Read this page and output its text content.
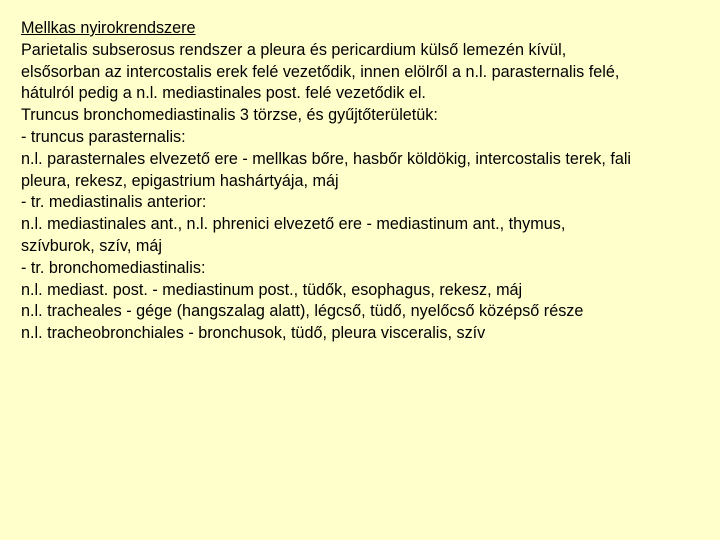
Mellkas nyirokrendszere
Parietalis subserosus rendszer a pleura és pericardium külső lemezén kívül,
elsősorban az intercostalis erek felé vezetődik, innen elölről a n.l. parasternalis felé,
hátulról pedig a n.l. mediastinales post. felé vezetődik el.
Truncus bronchomediastinalis 3 törzse, és gyűjtőterületük:
- truncus parasternalis:
n.l. parasternales elvezető ere - mellkas bőre, hasbőr köldökig, intercostalis terek, fali
pleura, rekesz, epigastrium hashártyája, máj
- tr. mediastinalis anterior:
n.l. mediastinales ant., n.l. phrenici elvezető ere - mediastinum ant., thymus,
szívburok, szív, máj
- tr. bronchomediastinalis:
n.l. mediast. post. - mediastinum post., tüdők, esophagus, rekesz, máj
n.l. tracheales - gége (hangszalag alatt), légcső, tüdő, nyelőcső középső része
n.l. tracheobronchiales - bronchusok, tüdő, pleura visceralis, szív
